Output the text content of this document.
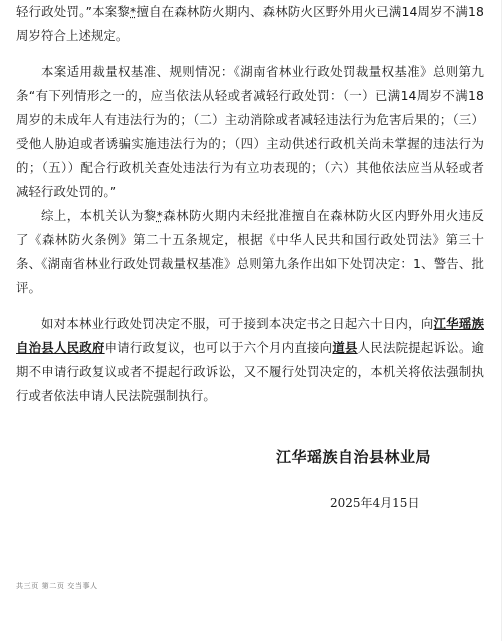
轻行政处罚。”本案黎*擅自在森林防火期内、森林防火区野外用火已满14周岁不满18周岁符合上述规定。

本案适用裁量权基准、规则情况：《湖南省林业行政处罚裁量权基准》总则第九条“有下列情形之一的，应当依法从轻或者减轻行政处罚：（一）已满14周岁不满18周岁的未成年人有违法行为的；（二）主动消除或者减轻违法行为危害后果的；（三）受他人胁迫或者诱骗实施违法行为的；（四）主动供述行政机关尚未掌握的违法行为的；（五））配合行政机关查处违法行为有立功表现的；（六）其他依法应当从轻或者减轻行政处罚的。”

综上，本机关认为黎*森林防火期内未经批准擅自在森林防火区内野外用火违反了《森林防火条例》第二十五条规定，根据《中华人民共和国行政处罚法》第三十条、《湖南省林业行政处罚裁量权基准》总则第九条作出如下处罚决定：1、警告、批评。

如对本林业行政处罚决定不服，可于接到本决定书之日起六十日内，向江华瑶族自治县人民政府申请行政复议，也可以于六个月内直接向道县人民法院提起诉讼。逾期不申请行政复议或者不提起行政诉讼，又不履行处罚决定的，本机关将依法强制执行或者依法申请人民法院强制执行。

江华瑶族自治县林业局
2025年4月15日
共三页 第二页 交当事人
